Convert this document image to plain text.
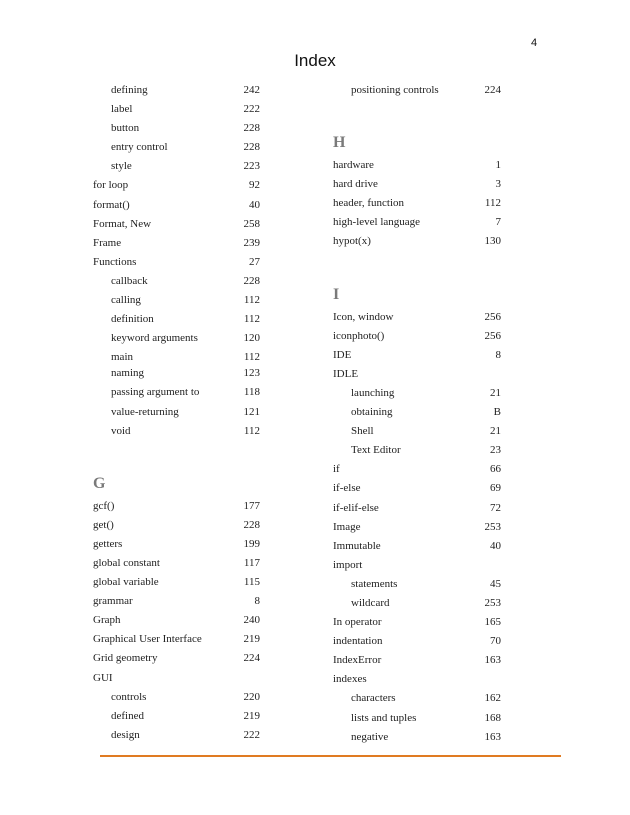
4
Index
defining	242
label	222
button	228
entry control	228
style	223
for loop	92
format()	40
Format, New	258
Frame	239
Functions	27
callback	228
calling	112
definition	112
keyword arguments	120
main	112
naming	123
passing argument to	118
value-returning	121
void	112
G
gcf()	177
get()	228
getters	199
global constant	117
global variable	115
grammar	8
Graph	240
Graphical User Interface	219
Grid geometry	224
GUI
controls	220
defined	219
design	222
positioning controls	224
H
hardware	1
hard drive	3
header, function	112
high-level language	7
hypot(x)	130
I
Icon, window	256
iconphoto()	256
IDE	8
IDLE
launching	21
obtaining	B
Shell	21
Text Editor	23
if	66
if-else	69
if-elif-else	72
Image	253
Immutable	40
import
statements	45
wildcard	253
In operator	165
indentation	70
IndexError	163
indexes
characters	162
lists and tuples	168
negative	163
